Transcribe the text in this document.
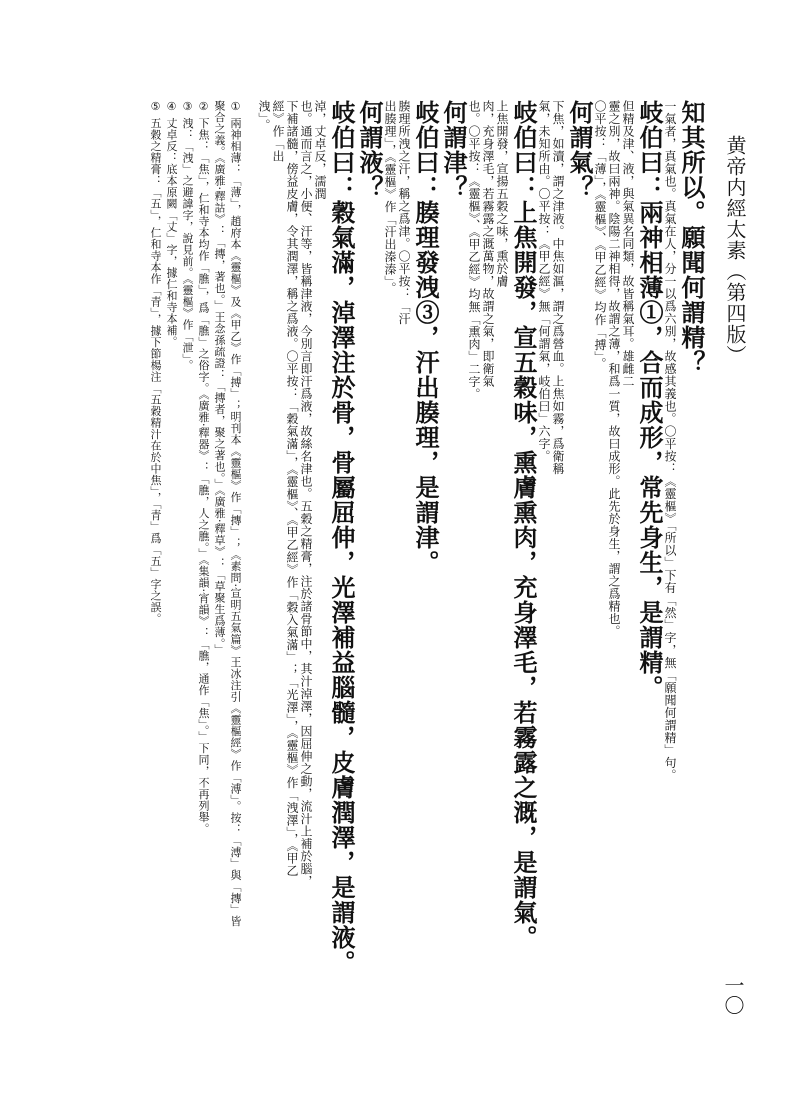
黄帝内經太素（第四版）
一〇
知其所以。願聞何謂精？
一氣者，真氣也。真氣在人，分一以爲六別，故感其義也。〇平按：《靈樞》「所以」下有「然」字，無「願聞何謂精」句。
岐伯曰：兩神相薄①，合而成形，常先身生，是謂精。
但精及津、液，與氣異名同類，故皆稱氣耳。雄雌二
靈之別，故曰兩神。陰陽二神相得，故謂之薄，和爲一質，故曰成形。此先於身生，謂之爲精也。
〇平按：「薄」，《靈樞》、《甲乙經》均作「搏」。
何謂氣？
下焦，如瀆，謂之津液。中焦如漚，謂之爲營血。上焦如霧，爲衛稱
氣，未知所由。〇平按：《甲乙經》無「何謂氣，岐伯曰」六字。
岐伯曰：上焦開發，宣五穀味，熏膚熏肉，充身澤毛，若霧露之溉，是謂氣。
上焦開發，宣揚五穀之味，熏於膚
肉，充身澤毛，若霧露之溉萬物，故謂之氣，即衛氣
也。〇平按：《靈樞》、《甲乙經》均無「熏肉」二字。
何謂津？
岐伯曰：腠理發洩③，汗出腠理，是謂津。
腠理所洩之汗，稱之爲津。〇平按：「汗
出腠理」，《靈樞》作「汗出溱溱」。
何謂液？
岐伯曰：穀氣滿，淖澤注於骨，骨屬屈伸，光澤補益腦髓，皮膚潤澤，是謂液。
淖，丈卓反，濡潤
也。通而言之，小便、汗等，皆稱津液，今別言即汗爲液，故絲名津也。五穀之精膏，注於諸骨節中，其汁淖澤，因屈伸之動，流汁上補於腦，
下補諸髓，傍益皮膚，令其潤澤，稱之爲液。〇平按：「穀氣滿」，《靈樞》、《甲乙經》作「穀入氣滿」；「光澤」，《靈樞》作「洩澤」，《甲乙
經》作「出
洩」。
① 兩神相薄：「薄」，趙府本《靈樞》及《甲乙》作「搏」；明刊本《靈樞》作「摶」；《素問·宣明五氣篇》王冰注引《靈樞經》作「溥」。按：「溥」與「摶」皆
聚合之義。《廣雅·釋詁》：「摶，著也。」王念孫疏證：「摶者，聚之著也。」《廣雅·釋草》：「草聚生爲薄。」
② 下焦：「焦」，仁和寺本均作「膲」，爲「膲」之俗字。《廣雅·釋器》：「膲，人之膲。」《集韻·宵韻》：「膲，通作「焦」。」下同，不再列舉。
③ 洩：「洩」之避諱字，說見前。《靈樞》作「泄」。
④ 丈卓反：底本原闕「丈」字，據仁和寺本補。
⑤ 五穀之精膏：「五」，仁和寺本作「青」，據下節楊注「五穀精汁在於中焦」，「青」爲「五」字之誤。
